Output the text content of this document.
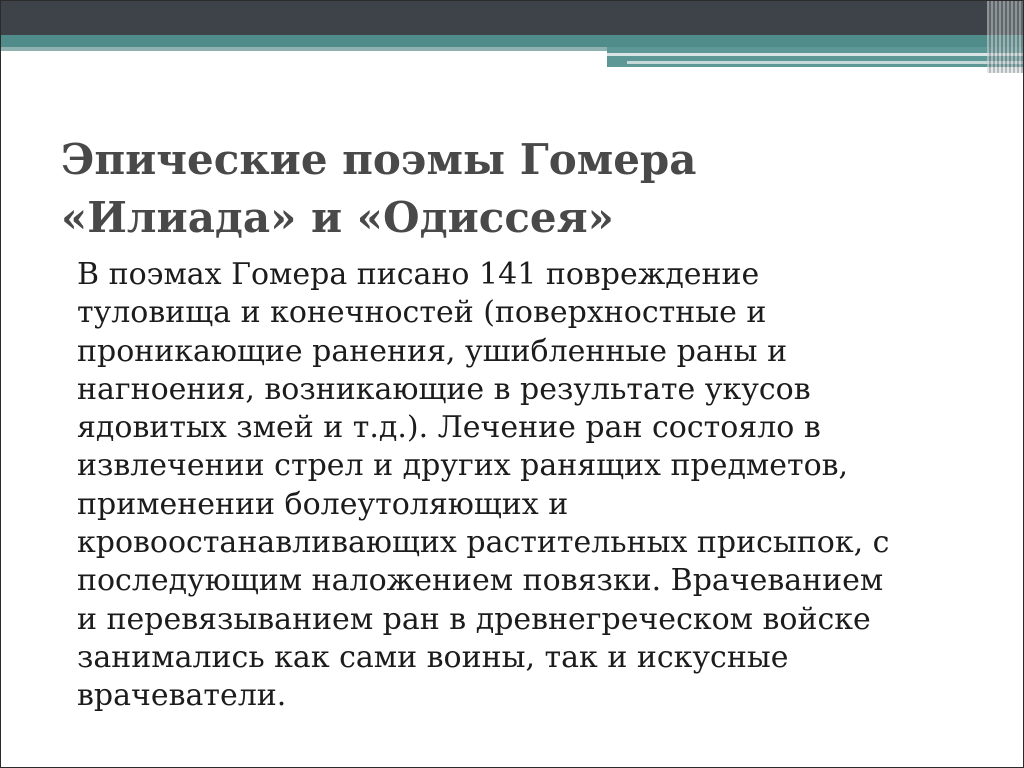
Эпические поэмы Гомера
«Илиада» и «Одиссея»
В поэмах Гомера писано 141 повреждение
туловища и конечностей (поверхностные и
проникающие ранения, ушибленные раны и
нагноения, возникающие в результате укусов
ядовитых змей и т.д.). Лечение ран состояло в
извлечении стрел и других ранящих предметов,
применении болеутоляющих и
кровоостанавливающих растительных присыпок, с
последующим наложением повязки. Врачеванием
и перевязыванием ран в древнегреческом войске
занимались как сами воины, так и искусные
врачеватели.
